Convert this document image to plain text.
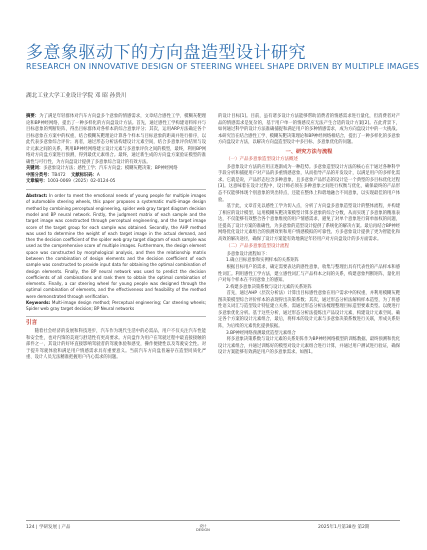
多意象驱动下的方向盘造型设计研究
RESEARCH ON INNOVATIVE DESIGN OF STEERING WHEEL SHAPE DRIVEN BY MULTIPLE IMAGES
湖北工业大学工业设计学院 邓 昭 孙贵川

摘要：为了满足年轻群体对汽车方向盘多个意象的情感需求，文章结合感性工学、模糊灰靶理论和BP神经网络，提出了一种多样化的方向盘设计方法。首先，通过感性工学构建语料库并与目标意象的判断矩阵，得出目标群体对各样本的综合意象评分；其次，运用ARP方法确定各个目标意象在方案中的权重，结合模糊灰靶理论计算各个样本与目标意象的距离并进行排序，以此代表多意象综合评价；再者，通过形态分析法构建设计元素空间，结合多意象评价结果与设计元素之间的关系，利用BP神经网络建立设计元素与多意象评价之间的模型，最终，利用BP网络对方向盘方案进行预测，得到最优元素组合。最终，通过新生成的方向盘方案验证模型的准确性与可行性，为方向盘设计提供了多意象综合设计的有效方法。

关键词：多意象设计方法；感性工学；汽车方向盘；模糊灰靶决策；BP神经网络

中图分类号：TB472 文献标识码：A

文章编号：1003-0069（2025）02-0124-05

Abstract: In order to meet the emotional needs of young people for multiple images of automobile steering wheels, this paper proposes a systematic multi-image design method by combining perceptual engineering, spider web gray target diagram decision model and BP neural network. Firstly, the judgment matrix of each sample and the target image was constructed through perceptual engineering, and the target image score of the target group for each sample was obtained. Secondly, the AHP method was used to determine the weight of each target image in the actual demand, and then the decision coefficient of the spider web gray target diagram of each sample was used as the comprehensive score of multiple images. Furthermore, the design element space was constructed by morphological analysis, and then the relationship matrix between the combination of design elements and the decision coefficient of each sample was constructed to provide input data for obtaining the optimal combination of design elements. Finally, the BP neural network was used to predict the decision coefficients of all combinations and rank them to obtain the optimal combination of elements. Finally, a car steering wheel for young people was designed through the optimal combination of elements, and the effectiveness and feasibility of the method were demonstrated through verification.

Keywords: Multi-image design method; Perceptual engineering; Car steering wheels; Spider web gray target decision; BP Neural networks

引言

随着社会经济的发展和科技进步，汽车作为现代生活中的必需品，用户不仅关注汽车性能和安全性，也对内饰的美观与舒适性有更高要求。方向盘作为用户在驾驶过程中最直接接触的部件之一，其设计的好坏直接影响驾驶者的驾驶体验和感受，操作便捷性以及驾驶安全性。对于提升驾驶体验和满足用户情感需求具有重要意义。当前汽车方向盘普遍存在造型同质化严重、设计人员无法精准把握用户内心需求的问题。

的设计目标[1]。目前，虽有诸多设计方法能够帮助消费者的情感需求进行量化，但消费者对产品的情感需求是复杂的，基于用户单一的情感反应无法产生合适的设计方案[2]。在此背景下，如何通过科学的设计方法准确捕捉和满足用户的多种情感需求，成为方向盘设计中的一大挑战。本研究旨在结合感性工学、模糊灰靶决策理论和BP神经网络相结合，提出了一种多样化的多意象方向盘设计方法，以解决方向盘造型设计中多目标、多意象优化的问题。

一、研究方法与流程
（一）产品多意象造型设计方法概述

多意象设计方法的应用正逐渐成为一种趋势。多意象造型设计方法的核心在于通过各种科学手段分析和捕捉用户对产品的多重情感意象，从而指导产品的开发设计，以满足用户的多样化需求。它就是说，产品形态包含多种意象，且多意象产品形态的设计是一个典型的多目标优化过程[3]。这意味着在设计过程中，设计师必须在多种意象之间进行权衡与优化，确保最终的产品形态不仅能够体现个别意象的突出特点，还能在整体上和谐地融合不同意象，以实现最佳的用户体验。

基于此，文章首先以感性工学为切入点，分析了方向盘多意象造型设计的整体流程，并构建了相应的设计模型。运用模糊灰靶决策模型计算多意象的综合分数，从而实现了多意象的精准表达，不仅能够有效整合各个意象维度的用户情感需求，避免了对单个意象进行简单加权的问题，还提高了设计方案的准确性。为多意象的造型设计提供了系统化的解决方案。最后再结合BP神经网络优化设计元素组合的预测效果和用户情感模拟的可靠性。方多意象设计提供了更为智能化和高效的解决途径，确保了设计方案能有效地满足年轻用户对方向盘设计的多方面需求。

（二）产品多意象造型设计流程

多意象设计流程如下：

1.确立目标意象和实例样本的关系矩阵

根据目标用户的需求，确定需要表达的感性意象，收集与整理出具有代表性的产品样本和感性词汇。利用感性工学方法，建立感性词汇与产品样本之间的关系，构建意象判断矩阵，量化用户对每个样本在不同意象上的感知。

2.构建多意象决策系数与设计元素的关系矩阵

首先，通过AHP（层次分析法）计算出目标感性意象在用户需求中的权重，并利用模糊灰靶图决策模型综合评价样本的表现得出决策系数；其次，通过形态分析法解构样本造型，为了将感性语义词汇与造型设计特征建立关系，需通过形态分析法梳理整理目标造型要素类型。以便进行多意象优化分析。基于这些分析，通过形态分析法提炼出产品设计元素，构建设计元素空间。确定各个方案的设计元素组合，最后，将样本的设计元素与多意象决策系数进行关联，形成关系矩阵，为后续的元素优化提供依据。

3.BP神经网络预测最优造型元素组合

将多意象决策系数与设计元素的关系矩阵作为BP神经网络模型的训练数据。最终预测和优化设计元素组合，并通过训练好的模型对设计元素组合进行计算，并通过用户测试进行验证，确保设计方案能够有效满足用户的多意象需求。如图1。

124 | 学研发展 | 产品	设计
DESIGN	2025年1月第38卷 第2期
